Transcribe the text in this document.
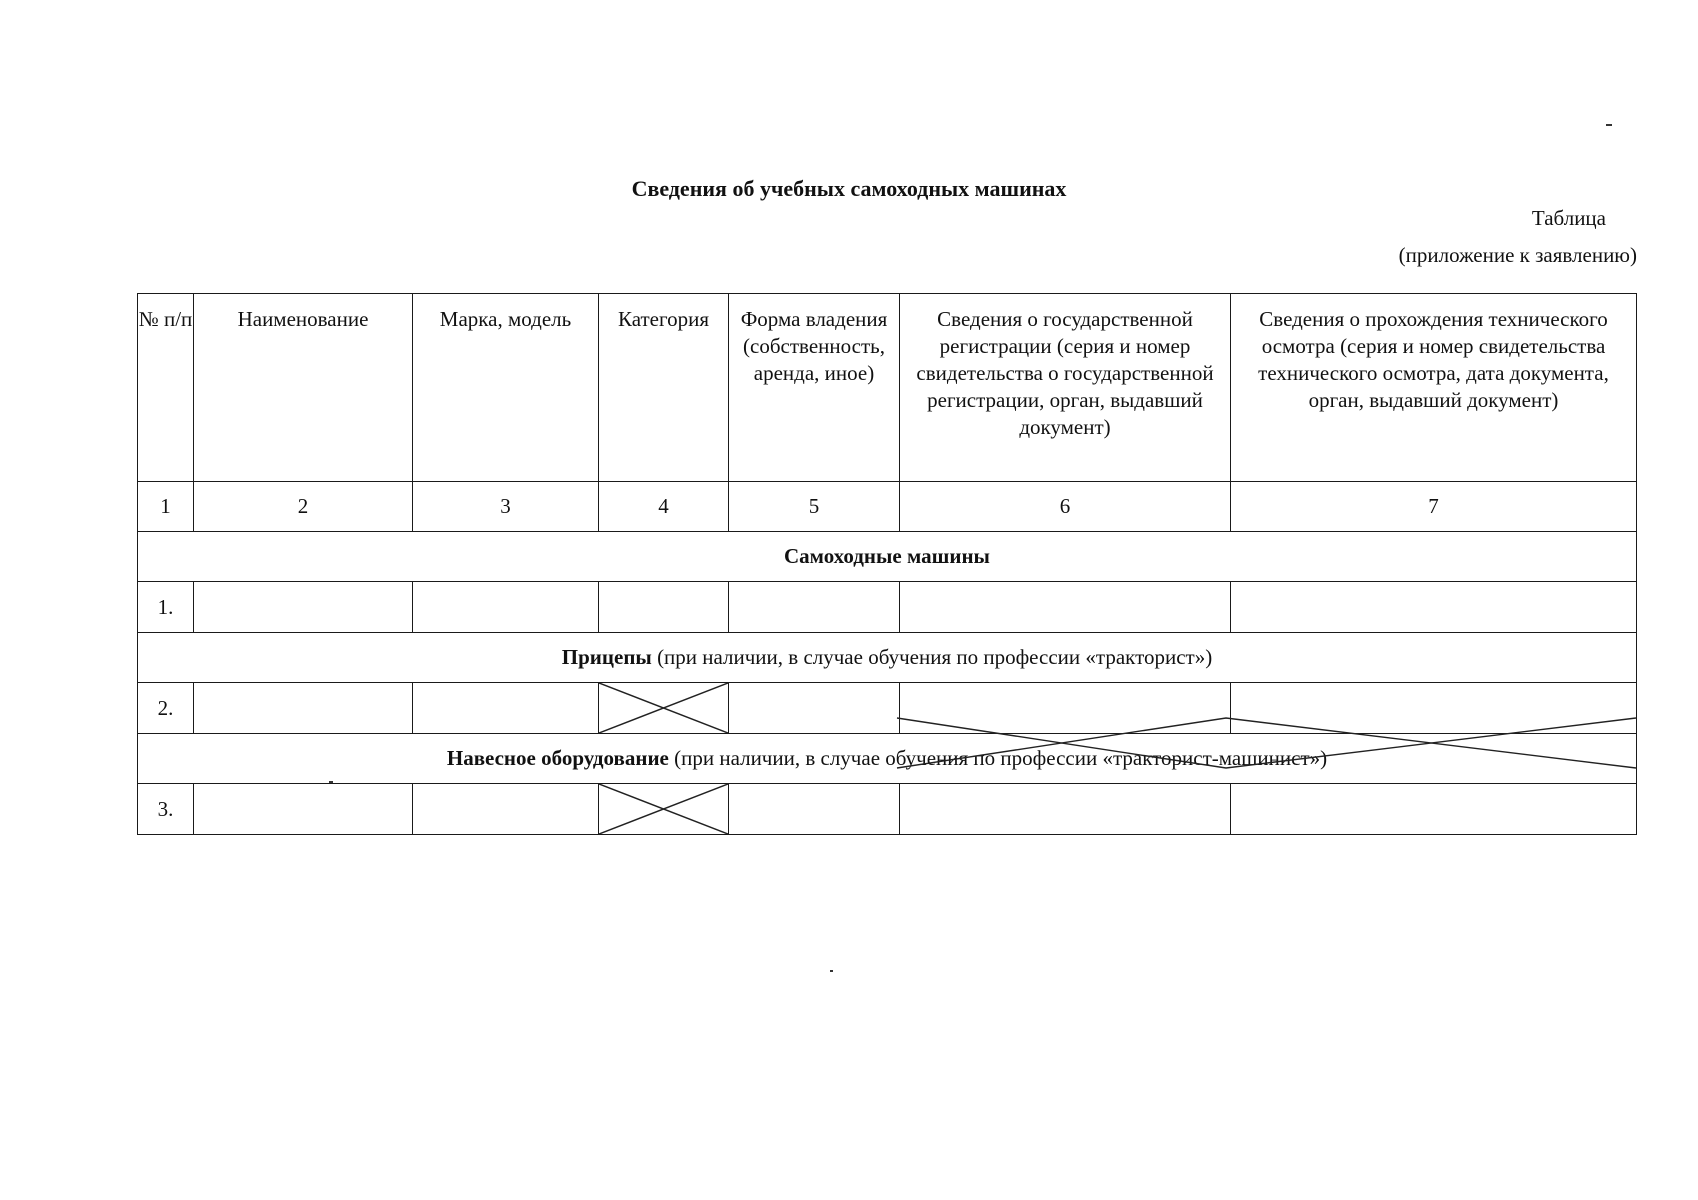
Сведения об учебных самоходных машинах
Таблица
(приложение к заявлению)
№ п/п	Наименование	Марка, модель	Категория	Форма владения (собственность, аренда, иное)	Сведения о государственной регистрации (серия и номер свидетельства о государственной регистрации, орган, выдавший документ)	Сведения о прохождения технического осмотра (серия и номер свидетельства технического осмотра, дата документа, орган, выдавший документ)
1	2	3	4	5	6	7
Самоходные машины						
1.						
Прицепы (при наличии, в случае обучения по профессии «тракторист»)						
2.			

Навесное оборудование (при наличии, в случае обучения по профессии «тракторист-машинист»)						
3.			
